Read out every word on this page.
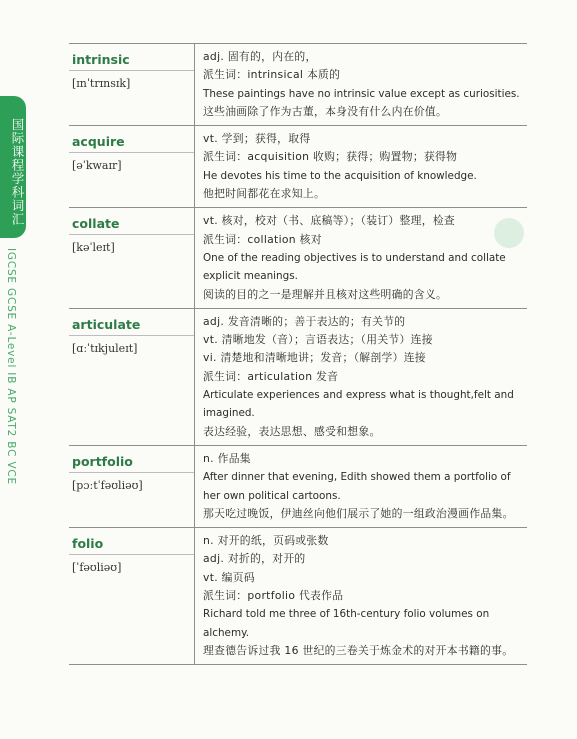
国际课程学科词汇
IGCSE GCSE A-Level IB AP SAT2 BC VCE
intrinsic
[ɪnˈtrɪnsɪk]
adj. 固有的，内在的，
派生词：intrinsical 本质的
These paintings have no intrinsic value except as curiosities.
这些油画除了作为古董，本身没有什么内在价值。
acquire
[əˈkwaɪr]
vt. 学到；获得，取得
派生词：acquisition 收购；获得；购置物；获得物
He devotes his time to the acquisition of knowledge.
他把时间都花在求知上。
collate
[kəˈleɪt]
vt. 核对，校对（书、底稿等）；（装订）整理，检查
派生词：collation 核对
One of the reading objectives is to understand and collate explicit meanings.
阅读的目的之一是理解并且核对这些明确的含义。
articulate
[ɑːˈtɪkjuleɪt]
adj. 发音清晰的；善于表达的；有关节的
vt. 清晰地发（音）；言语表达；（用关节）连接
vi. 清楚地和清晰地讲；发音；（解剖学）连接
派生词：articulation 发音
Articulate experiences and express what is thought,felt and imagined.
表达经验，表达思想、感受和想象。
portfolio
[pɔːtˈfəʊliəʊ]
n. 作品集
After dinner that evening, Edith showed them a portfolio of her own political cartoons.
那天吃过晚饭，伊迪丝向他们展示了她的一组政治漫画作品集。
folio
[ˈfəʊliəʊ]
n. 对开的纸，页码或张数
adj. 对折的，对开的
vt. 编页码
派生词：portfolio 代表作品
Richard told me three of 16th-century folio volumes on alchemy.
理查德告诉过我 16 世纪的三卷关于炼金术的对开本书籍的事。
